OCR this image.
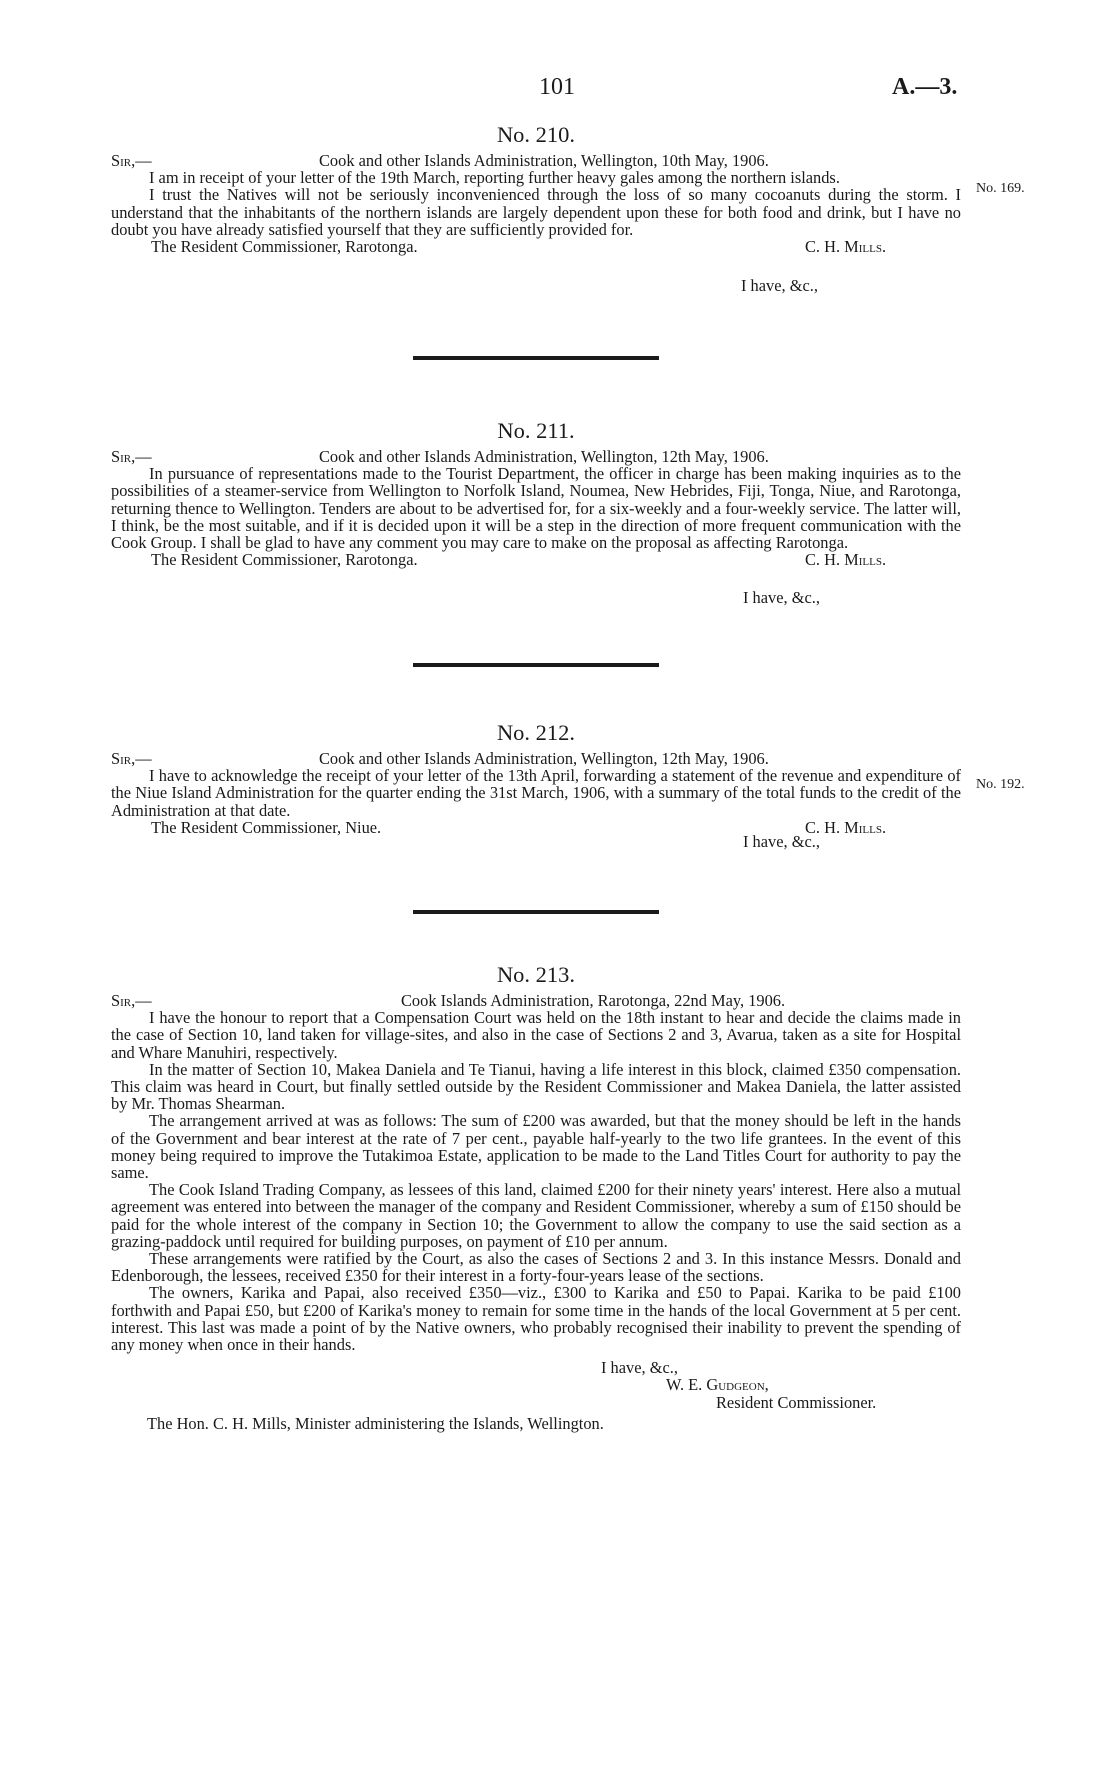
101	A.—3.
No. 210.
Sir,—	Cook and other Islands Administration, Wellington, 10th May, 1906.

I am in receipt of your letter of the 19th March, reporting further heavy gales among the northern islands.

I trust the Natives will not be seriously inconvenienced through the loss of so many cocoanuts during the storm. I understand that the inhabitants of the northern islands are largely dependent upon these for both food and drink, but I have no doubt you have already satisfied yourself that they are sufficiently provided for.

The Resident Commissioner, Rarotonga.	C. H. Mills.
No. 169.
I have, &c.,
No. 211.
Sir,—	Cook and other Islands Administration, Wellington, 12th May, 1906.

In pursuance of representations made to the Tourist Department, the officer in charge has been making inquiries as to the possibilities of a steamer-service from Wellington to Norfolk Island, Noumea, New Hebrides, Fiji, Tonga, Niue, and Rarotonga, returning thence to Wellington. Tenders are about to be advertised for, for a six-weekly and a four-weekly service. The latter will, I think, be the most suitable, and if it is decided upon it will be a step in the direction of more frequent communication with the Cook Group. I shall be glad to have any comment you may care to make on the proposal as affecting Rarotonga.

The Resident Commissioner, Rarotonga.	C. H. Mills.
I have, &c.,
No. 212.
Sir,—	Cook and other Islands Administration, Wellington, 12th May, 1906.

I have to acknowledge the receipt of your letter of the 13th April, forwarding a statement of the revenue and expenditure of the Niue Island Administration for the quarter ending the 31st March, 1906, with a summary of the total funds to the credit of the Administration at that date.

The Resident Commissioner, Niue.	C. H. Mills.
No. 192.
I have, &c.,
No. 213.
Sir,—	Cook Islands Administration, Rarotonga, 22nd May, 1906.

I have the honour to report that a Compensation Court was held on the 18th instant to hear and decide the claims made in the case of Section 10, land taken for village-sites, and also in the case of Sections 2 and 3, Avarua, taken as a site for Hospital and Whare Manuhiri, respectively.

In the matter of Section 10, Makea Daniela and Te Tianui, having a life interest in this block, claimed £350 compensation. This claim was heard in Court, but finally settled outside by the Resident Commissioner and Makea Daniela, the latter assisted by Mr. Thomas Shearman.

The arrangement arrived at was as follows: The sum of £200 was awarded, but that the money should be left in the hands of the Government and bear interest at the rate of 7 per cent., payable half-yearly to the two life grantees. In the event of this money being required to improve the Tutakimoa Estate, application to be made to the Land Titles Court for authority to pay the same.

The Cook Island Trading Company, as lessees of this land, claimed £200 for their ninety years' interest. Here also a mutual agreement was entered into between the manager of the company and Resident Commissioner, whereby a sum of £150 should be paid for the whole interest of the company in Section 10; the Government to allow the company to use the said section as a grazing-paddock until required for building purposes, on payment of £10 per annum.

These arrangements were ratified by the Court, as also the cases of Sections 2 and 3. In this instance Messrs. Donald and Edenborough, the lessees, received £350 for their interest in a forty-four-years lease of the sections.

The owners, Karika and Papai, also received £350—viz., £300 to Karika and £50 to Papai. Karika to be paid £100 forthwith and Papai £50, but £200 of Karika's money to remain for some time in the hands of the local Government at 5 per cent. interest. This last was made a point of by the Native owners, who probably recognised their inability to prevent the spending of any money when once in their hands.

I have, &c.,
W. E. Gudgeon,
Resident Commissioner.
The Hon. C. H. Mills, Minister administering the Islands, Wellington.
